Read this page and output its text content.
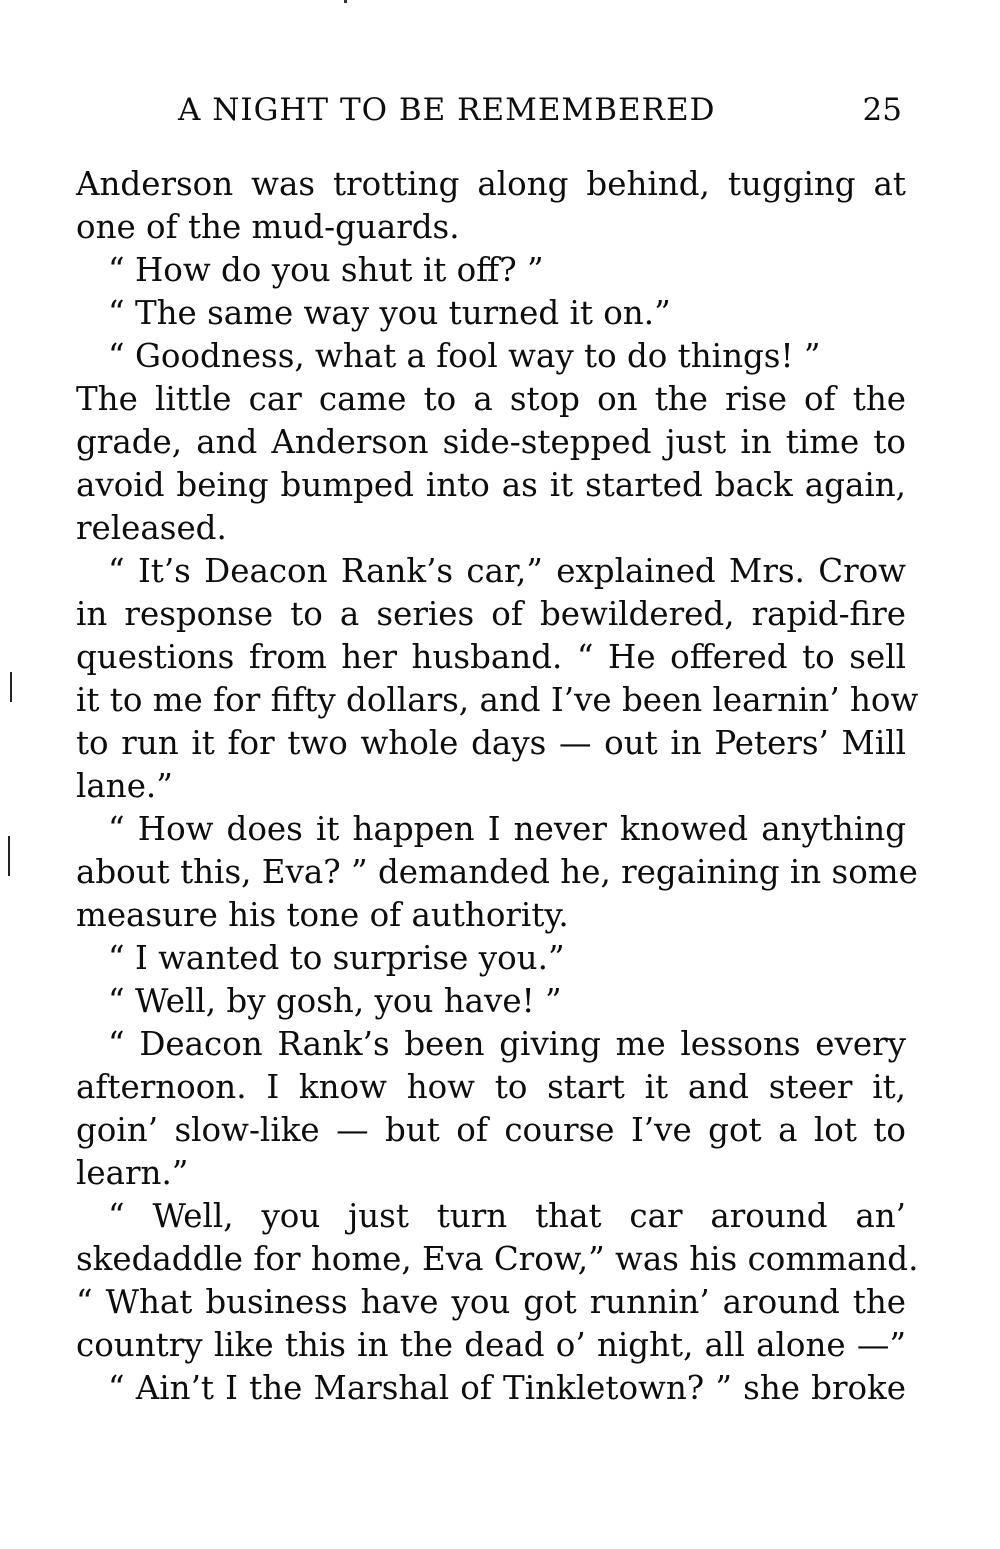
A NIGHT TO BE REMEMBERED	25
Anderson was trotting along behind, tugging at
one of the mud-guards.
“ How do you shut it off? ”
“ The same way you turned it on.”
“ Goodness, what a fool way to do things! ”
The little car came to a stop on the rise of the
grade, and Anderson side-stepped just in time to
avoid being bumped into as it started back again,
released.
“ It’s Deacon Rank’s car,” explained Mrs. Crow
in response to a series of bewildered, rapid-fire
questions from her husband. “ He offered to sell
it to me for fifty dollars, and I’ve been learnin’ how
to run it for two whole days — out in Peters’ Mill
lane.”
“ How does it happen I never knowed anything
about this, Eva? ” demanded he, regaining in some
measure his tone of authority.
“ I wanted to surprise you.”
“ Well, by gosh, you have! ”
“ Deacon Rank’s been giving me lessons every
afternoon. I know how to start it and steer it,
goin’ slow-like — but of course I’ve got a lot to
learn.”
“ Well, you just turn that car around an’
skedaddle for home, Eva Crow,” was his command.
“ What business have you got runnin’ around the
country like this in the dead o’ night, all alone —”
“ Ain’t I the Marshal of Tinkletown? ” she broke
